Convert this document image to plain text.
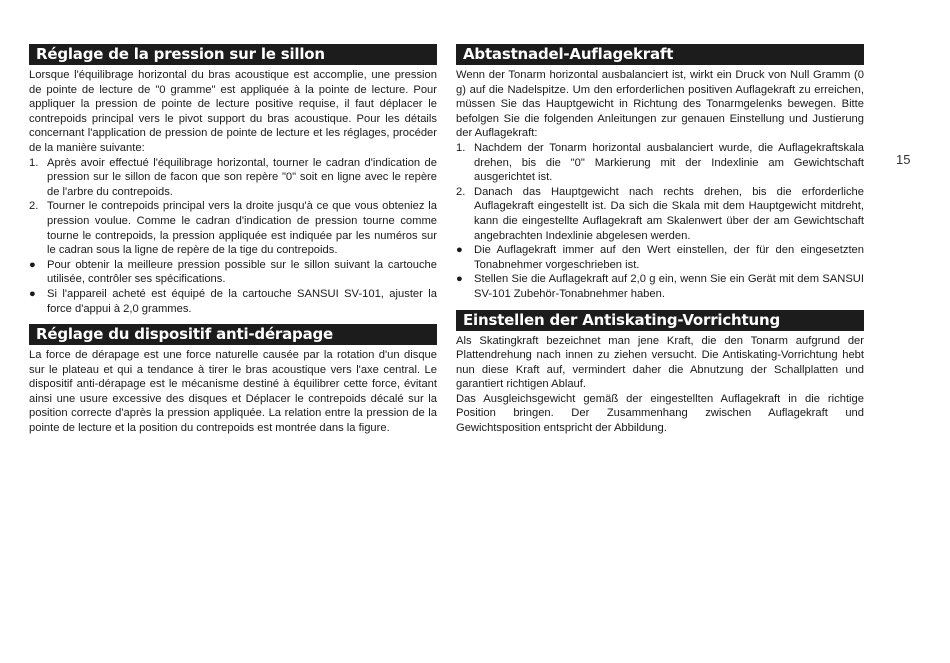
Réglage de la pression sur le sillon

Lorsque l'équilibrage horizontal du bras acoustique est accomplie, une pression de pointe de lecture de "0 gramme" est appliquée à la pointe de lecture. Pour appliquer la pression de pointe de lecture positive requise, il faut déplacer le contrepoids principal vers le pivot support du bras acoustique. Pour les détails concernant l'application de pression de pointe de lecture et les réglages, procéder de la manière suivante:

1. Après avoir effectué l'équilibrage horizontal, tourner le cadran d'indication de pression sur le sillon de facon que son repère "0" soit en ligne avec le repère de l'arbre du contrepoids.
2. Tourner le contrepoids principal vers la droite jusqu'à ce que vous obteniez la pression voulue. Comme le cadran d'indication de pression tourne comme tourne le contrepoids, la pression appliquée est indiquée par les numéros sur le cadran sous la ligne de repère de la tige du contrepoids.
● Pour obtenir la meilleure pression possible sur le sillon suivant la cartouche utilisée, contrôler ses spécifications.
● Si l'appareil acheté est équipé de la cartouche SANSUI SV-101, ajuster la force d'appui à 2,0 grammes.
Réglage du dispositif anti-dérapage

La force de dérapage est une force naturelle causée par la rotation d'un disque sur le plateau et qui a tendance à tirer le bras acoustique vers l'axe central. Le dispositif anti-dérapage est le mécanisme destiné à équilibrer cette force, évitant ainsi une usure excessive des disques et Déplacer le contrepoids décalé sur la position correcte d'après la pression appliquée. La relation entre la pression de la pointe de lecture et la position du contrepoids est montrée dans la figure.

Abtastnadel-Auflagekraft

Wenn der Tonarm horizontal ausbalanciert ist, wirkt ein Druck von Null Gramm (0 g) auf die Nadelspitze. Um den erforderlichen positiven Auflagekraft zu erreichen, müssen Sie das Hauptgewicht in Richtung des Tonarmgelenks bewegen. Bitte befolgen Sie die folgenden Anleitungen zur genauen Einstellung und Justierung der Auflagekraft:

1. Nachdem der Tonarm horizontal ausbalanciert wurde, die Auflagekraftskala drehen, bis die "0" Markierung mit der Indexlinie am Gewichtschaft ausgerichtet ist.
2. Danach das Hauptgewicht nach rechts drehen, bis die erforderliche Auflagekraft eingestellt ist. Da sich die Skala mit dem Hauptgewicht mitdreht, kann die eingestellte Auflagekraft am Skalenwert über der am Gewichtschaft angebrachten Indexlinie abgelesen werden.
● Die Auflagekraft immer auf den Wert einstellen, der für den eingesetzten Tonabnehmer vorgeschrieben ist.
● Stellen Sie die Auflagekraft auf 2,0 g ein, wenn Sie ein Gerät mit dem SANSUI SV-101 Zubehör-Tonabnehmer haben.
Einstellen der Antiskating-Vorrichtung

Als Skatingkraft bezeichnet man jene Kraft, die den Tonarm aufgrund der Plattendrehung nach innen zu ziehen versucht. Die Antiskating-Vorrichtung hebt nun diese Kraft auf, vermindert daher die Abnutzung der Schallplatten und garantiert richtigen Ablauf.

Das Ausgleichsgewicht gemäß der eingestellten Auflagekraft in die richtige Position bringen. Der Zusammenhang zwischen Auflagekraft und Gewichtsposition entspricht der Abbildung.

15
